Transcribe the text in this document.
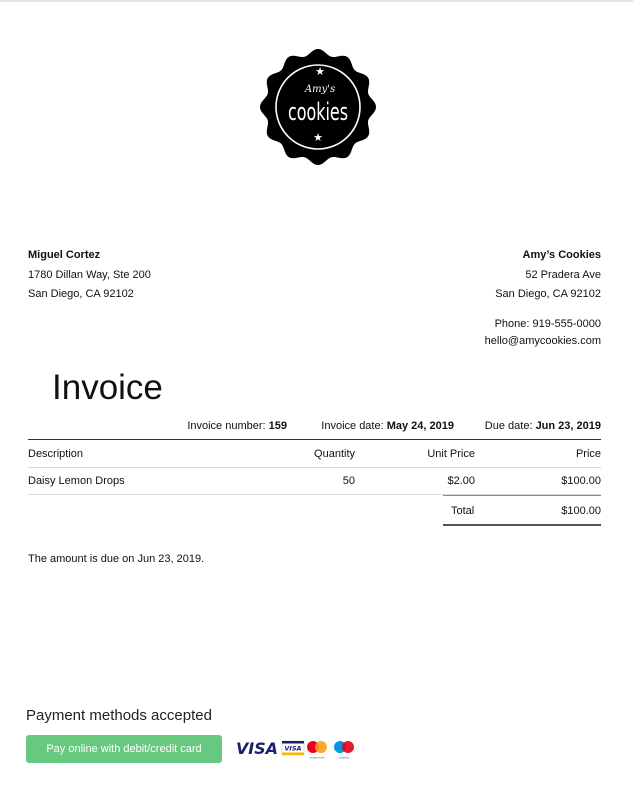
★
Amy's
cookies
★
Miguel Cortez
1780 Dillan Way, Ste 200
San Diego, CA 92102
Amy’s Cookies
52 Pradera Ave
San Diego, CA 92102
Phone: 919-555-0000
hello@amycookies.com
Invoice
Invoice number: 159	Invoice date: May 24, 2019	Due date: Jun 23, 2019
Description	Quantity	Unit Price	Price
Daisy Lemon Drops	50	$2.00	$100.00
Total	$100.00
The amount is due on Jun 23, 2019.
Payment methods accepted
Pay online with debit/credit card	VISA VISA
mastercard	maestro
